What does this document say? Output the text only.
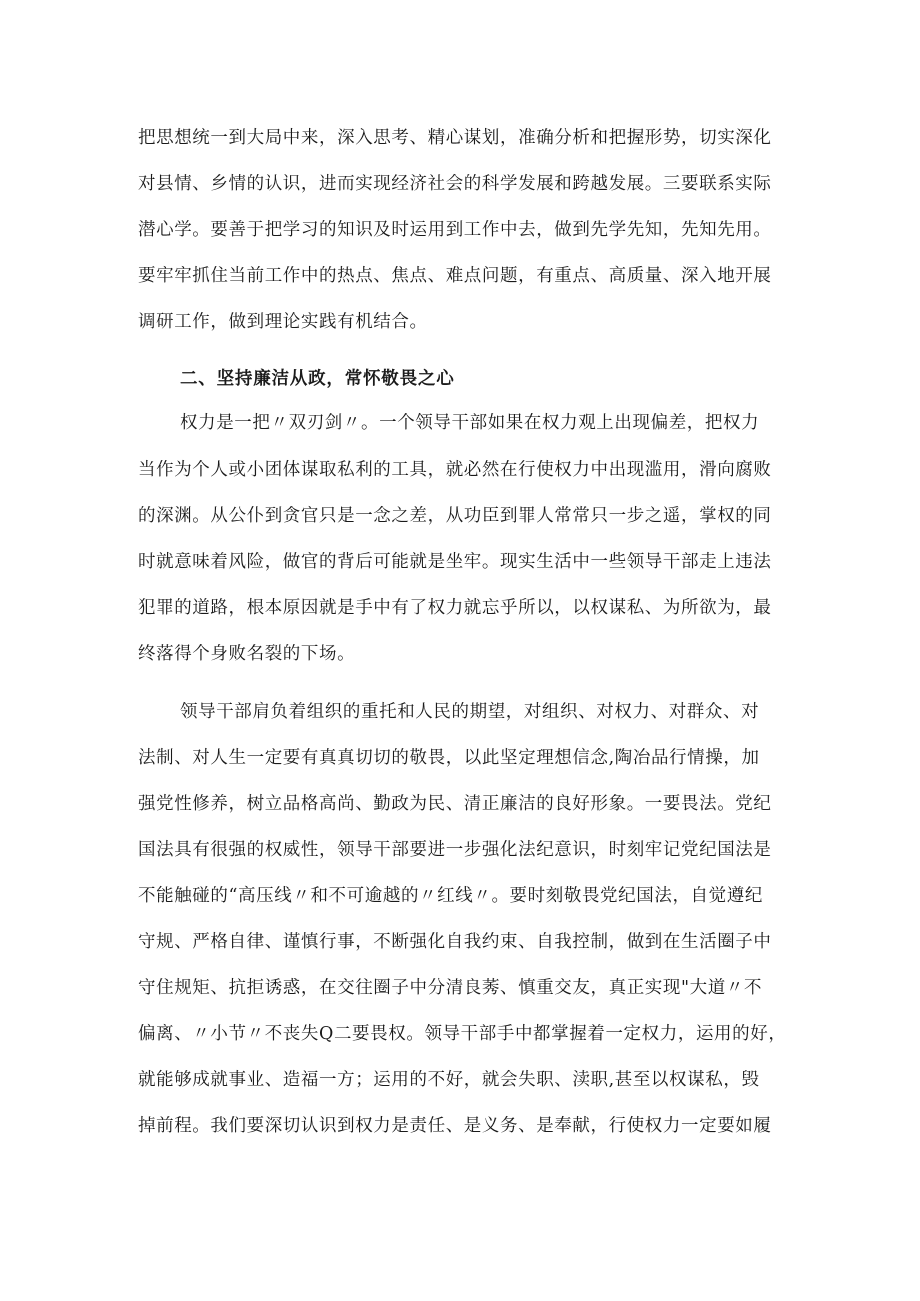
把思想统一到大局中来，深入思考、精心谋划，准确分析和把握形势，切实深化
对县情、乡情的认识，进而实现经济社会的科学发展和跨越发展。三要联系实际
潜心学。要善于把学习的知识及时运用到工作中去，做到先学先知，先知先用。
要牢牢抓住当前工作中的热点、焦点、难点问题，有重点、高质量、深入地开展
调研工作，做到理论实践有机结合。
二、坚持廉洁从政，常怀敬畏之心
权力是一把〃双刃剑〃。一个领导干部如果在权力观上出现偏差，把权力
当作为个人或小团体谋取私利的工具，就必然在行使权力中出现滥用，滑向腐败
的深渊。从公仆到贪官只是一念之差，从功臣到罪人常常只一步之遥，掌权的同
时就意味着风险，做官的背后可能就是坐牢。现实生活中一些领导干部走上违法
犯罪的道路，根本原因就是手中有了权力就忘乎所以，以权谋私、为所欲为，最
终落得个身败名裂的下场。
领导干部肩负着组织的重托和人民的期望，对组织、对权力、对群众、对
法制、对人生一定要有真真切切的敬畏，以此坚定理想信念,陶冶品行情操，加
强党性修养，树立品格高尚、勤政为民、清正廉洁的良好形象。一要畏法。党纪
国法具有很强的权威性，领导干部要进一步强化法纪意识，时刻牢记党纪国法是
不能触碰的“高压线〃和不可逾越的〃红线〃。要时刻敬畏党纪国法，自觉遵纪
守规、严格自律、谨慎行事，不断强化自我约束、自我控制，做到在生活圈子中
守住规矩、抗拒诱惑，在交往圈子中分清良莠、慎重交友，真正实现"大道〃不
偏离、〃小节〃不丧失Q二要畏权。领导干部手中都掌握着一定权力，运用的好，
就能够成就事业、造福一方；运用的不好，就会失职、渎职,甚至以权谋私，毁
掉前程。我们要深切认识到权力是责任、是义务、是奉献，行使权力一定要如履
